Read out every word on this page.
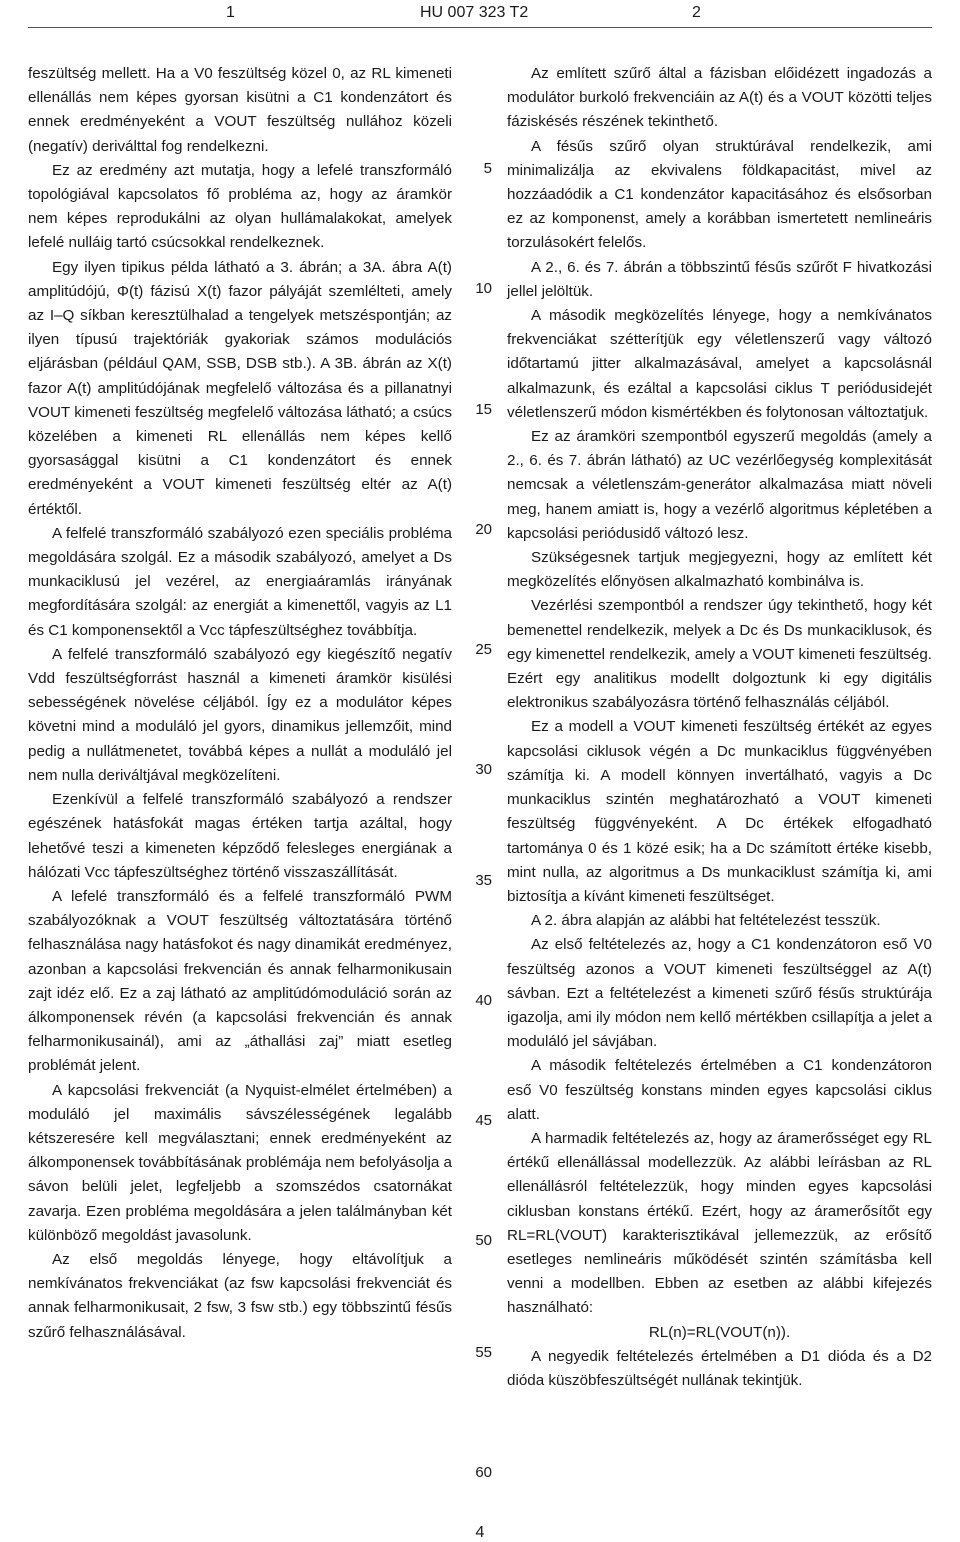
1	HU 007 323 T2	2

feszültség mellett. Ha a V0 feszültség közel 0, az RL kimeneti ellenállás nem képes gyorsan kisütni a C1 kondenzátort és ennek eredményeként a VOUT feszültség nullához közeli (negatív) deriválttal fog rendelkezni.

Ez az eredmény azt mutatja, hogy a lefelé transzformáló topológiával kapcsolatos fő probléma az, hogy az áramkör nem képes reprodukálni az olyan hullámalakokat, amelyek lefelé nulláig tartó csúcsokkal rendelkeznek.

Egy ilyen tipikus példa látható a 3. ábrán; a 3A. ábra A(t) amplitúdójú, Φ(t) fázisú X(t) fazor pályáját szemlélteti, amely az I–Q síkban keresztülhalad a tengelyek metszéspontján; az ilyen típusú trajektóriák gyakoriak számos modulációs eljárásban (például QAM, SSB, DSB stb.). A 3B. ábrán az X(t) fazor A(t) amplitúdójának megfelelő változása és a pillanatnyi VOUT kimeneti feszültség megfelelő változása látható; a csúcs közelében a kimeneti RL ellenállás nem képes kellő gyorsasággal kisütni a C1 kondenzátort és ennek eredményeként a VOUT kimeneti feszültség eltér az A(t) értéktől.

A felfelé transzformáló szabályozó ezen speciális probléma megoldására szolgál. Ez a második szabályozó, amelyet a Ds munkaciklusú jel vezérel, az energiaáramlás irányának megfordítására szolgál: az energiát a kimenettől, vagyis az L1 és C1 komponensektől a Vcc tápfeszültséghez továbbítja.

A felfelé transzformáló szabályozó egy kiegészítő negatív Vdd feszültségforrást használ a kimeneti áramkör kisülési sebességének növelése céljából. Így ez a modulátor képes követni mind a moduláló jel gyors, dinamikus jellemzőit, mind pedig a nullátmenetet, továbbá képes a nullát a moduláló jel nem nulla deriváltjával megközelíteni.

Ezenkívül a felfelé transzformáló szabályozó a rendszer egészének hatásfokát magas értéken tartja azáltal, hogy lehetővé teszi a kimeneten képződő felesleges energiának a hálózati Vcc tápfeszültséghez történő visszaszállítását.

A lefelé transzformáló és a felfelé transzformáló PWM szabályozóknak a VOUT feszültség változtatására történő felhasználása nagy hatásfokot és nagy dinamikát eredményez, azonban a kapcsolási frekvencián és annak felharmonikusain zajt idéz elő. Ez a zaj látható az amplitúdómoduláció során az álkomponensek révén (a kapcsolási frekvencián és annak felharmonikusainál), ami az „áthallási zaj” miatt esetleg problémát jelent.

A kapcsolási frekvenciát (a Nyquist-elmélet értelmében) a moduláló jel maximális sávszélességének legalább kétszeresére kell megválasztani; ennek eredményeként az álkomponensek továbbításának problémája nem befolyásolja a sávon belüli jelet, legfeljebb a szomszédos csatornákat zavarja. Ezen probléma megoldására a jelen találmányban két különböző megoldást javasolunk.

Az első megoldás lényege, hogy eltávolítjuk a nemkívánatos frekvenciákat (az fsw kapcsolási frekvenciát és annak felharmonikusait, 2 fsw, 3 fsw stb.) egy többszintű fésűs szűrő felhasználásával.

5
10
15
20
25
30
35
40
45
50
55
60

Az említett szűrő által a fázisban előidézett ingadozás a modulátor burkoló frekvenciáin az A(t) és a VOUT közötti teljes fáziskésés részének tekinthető.

A fésűs szűrő olyan struktúrával rendelkezik, ami minimalizálja az ekvivalens földkapacitást, mivel az hozzáadódik a C1 kondenzátor kapacitásához és elsősorban ez az komponenst, amely a korábban ismertetett nemlineáris torzulásokért felelős.

A 2., 6. és 7. ábrán a többszintű fésűs szűrőt F hivatkozási jellel jelöltük.

A második megközelítés lényege, hogy a nemkívánatos frekvenciákat szétterítjük egy véletlenszerű vagy változó időtartamú jitter alkalmazásával, amelyet a kapcsolásnál alkalmazunk, és ezáltal a kapcsolási ciklus T periódusidejét véletlenszerű módon kismértékben és folytonosan változtatjuk.

Ez az áramköri szempontból egyszerű megoldás (amely a 2., 6. és 7. ábrán látható) az UC vezérlőegység komplexitását nemcsak a véletlenszám-generátor alkalmazása miatt növeli meg, hanem amiatt is, hogy a vezérlő algoritmus képletében a kapcsolási periódusidő változó lesz.

Szükségesnek tartjuk megjegyezni, hogy az említett két megközelítés előnyösen alkalmazható kombinálva is.

Vezérlési szempontból a rendszer úgy tekinthető, hogy két bemenettel rendelkezik, melyek a Dc és Ds munkaciklusok, és egy kimenettel rendelkezik, amely a VOUT kimeneti feszültség. Ezért egy analitikus modellt dolgoztunk ki egy digitális elektronikus szabályozásra történő felhasználás céljából.

Ez a modell a VOUT kimeneti feszültség értékét az egyes kapcsolási ciklusok végén a Dc munkaciklus függvényében számítja ki. A modell könnyen invertálható, vagyis a Dc munkaciklus szintén meghatározható a VOUT kimeneti feszültség függvényeként. A Dc értékek elfogadható tartománya 0 és 1 közé esik; ha a Dc számított értéke kisebb, mint nulla, az algoritmus a Ds munkaciklust számítja ki, ami biztosítja a kívánt kimeneti feszültséget.

A 2. ábra alapján az alábbi hat feltételezést tesszük.

Az első feltételezés az, hogy a C1 kondenzátoron eső V0 feszültség azonos a VOUT kimeneti feszültséggel az A(t) sávban. Ezt a feltételezést a kimeneti szűrő fésűs struktúrája igazolja, ami ily módon nem kellő mértékben csillapítja a jelet a moduláló jel sávjában.

A második feltételezés értelmében a C1 kondenzátoron eső V0 feszültség konstans minden egyes kapcsolási ciklus alatt.

A harmadik feltételezés az, hogy az áramerősséget egy RL értékű ellenállással modellezzük. Az alábbi leírásban az RL ellenállásról feltételezzük, hogy minden egyes kapcsolási ciklusban konstans értékű. Ezért, hogy az áramerősítőt egy RL=RL(VOUT) karakterisztikával jellemezzük, az erősítő esetleges nemlineáris működését szintén számításba kell venni a modellben. Ebben az esetben az alábbi kifejezés használható:

RL(n)=RL(VOUT(n)).

A negyedik feltételezés értelmében a D1 dióda és a D2 dióda küszöbfeszültségét nullának tekintjük.

4
